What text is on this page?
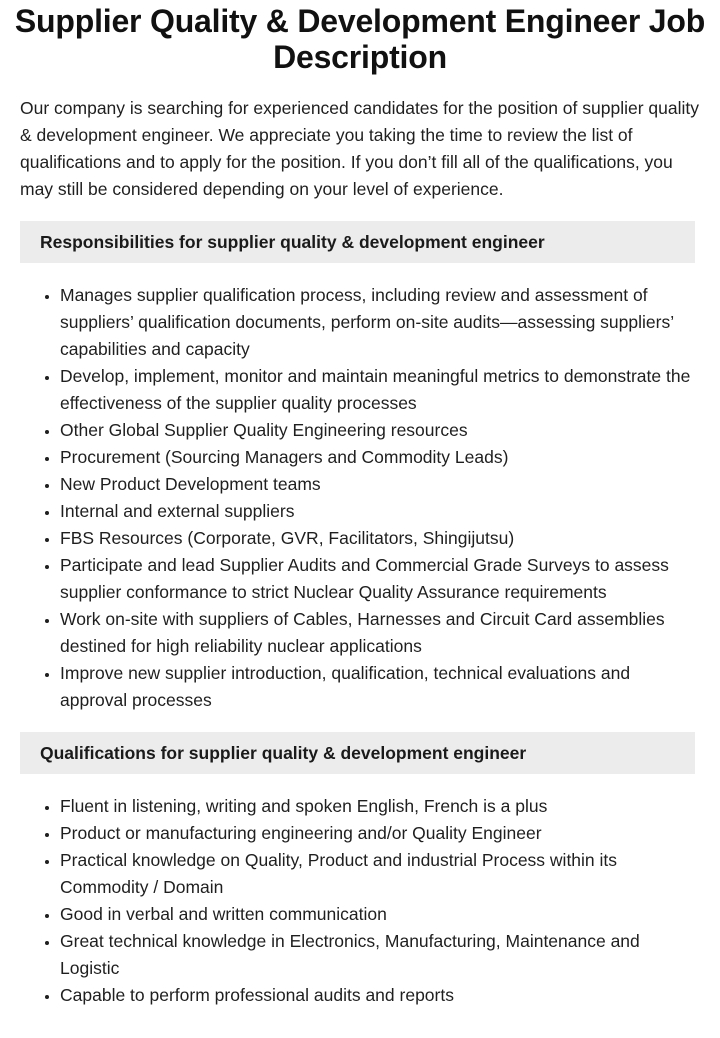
Supplier Quality & Development Engineer Job Description

Our company is searching for experienced candidates for the position of supplier quality & development engineer. We appreciate you taking the time to review the list of qualifications and to apply for the position. If you don’t fill all of the qualifications, you may still be considered depending on your level of experience.

Responsibilities for supplier quality & development engineer
• Manages supplier qualification process, including review and assessment of suppliers’ qualification documents, perform on-site audits—assessing suppliers’ capabilities and capacity
• Develop, implement, monitor and maintain meaningful metrics to demonstrate the effectiveness of the supplier quality processes
• Other Global Supplier Quality Engineering resources
• Procurement (Sourcing Managers and Commodity Leads)
• New Product Development teams
• Internal and external suppliers
• FBS Resources (Corporate, GVR, Facilitators, Shingijutsu)
• Participate and lead Supplier Audits and Commercial Grade Surveys to assess supplier conformance to strict Nuclear Quality Assurance requirements
• Work on-site with suppliers of Cables, Harnesses and Circuit Card assemblies destined for high reliability nuclear applications
• Improve new supplier introduction, qualification, technical evaluations and approval processes
Qualifications for supplier quality & development engineer
• Fluent in listening, writing and spoken English, French is a plus
• Product or manufacturing engineering and/or Quality Engineer
• Practical knowledge on Quality, Product and industrial Process within its Commodity / Domain
• Good in verbal and written communication
• Great technical knowledge in Electronics, Manufacturing, Maintenance and Logistic
• Capable to perform professional audits and reports
